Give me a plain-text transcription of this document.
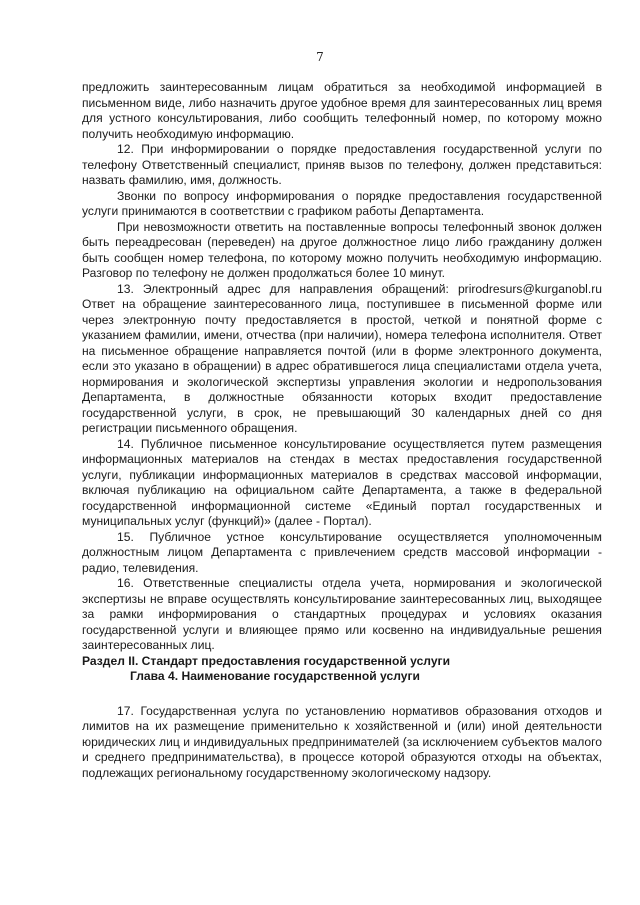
7

предложить заинтересованным лицам обратиться за необходимой информацией в письменном виде, либо назначить другое удобное время для заинтересованных лиц время для устного консультирования, либо сообщить телефонный номер, по которому можно получить необходимую информацию.

12. При информировании о порядке предоставления государственной услуги по телефону Ответственный специалист, приняв вызов по телефону, должен представиться: назвать фамилию, имя, должность.

Звонки по вопросу информирования о порядке предоставления государственной услуги принимаются в соответствии с графиком работы Департамента.

При невозможности ответить на поставленные вопросы телефонный звонок должен быть переадресован (переведен) на другое должностное лицо либо гражданину должен быть сообщен номер телефона, по которому можно получить необходимую информацию. Разговор по телефону не должен продолжаться более 10 минут.

13. Электронный адрес для направления обращений: prirodresurs@kurganobl.ru Ответ на обращение заинтересованного лица, поступившее в письменной форме или через электронную почту предоставляется в простой, четкой и понятной форме с указанием фамилии, имени, отчества (при наличии), номера телефона исполнителя. Ответ на письменное обращение направляется почтой (или в форме электронного документа, если это указано в обращении) в адрес обратившегося лица специалистами отдела учета, нормирования и экологической экспертизы управления экологии и недропользования Департамента, в должностные обязанности которых входит предоставление государственной услуги, в срок, не превышающий 30 календарных дней со дня регистрации письменного обращения.

14. Публичное письменное консультирование осуществляется путем размещения информационных материалов на стендах в местах предоставления государственной услуги, публикации информационных материалов в средствах массовой информации, включая публикацию на официальном сайте Департамента, а также в федеральной государственной информационной системе «Единый портал государственных и муниципальных услуг (функций)» (далее - Портал).

15. Публичное устное консультирование осуществляется уполномоченным должностным лицом Департамента с привлечением средств массовой информации - радио, телевидения.

16. Ответственные специалисты отдела учета, нормирования и экологической экспертизы не вправе осуществлять консультирование заинтересованных лиц, выходящее за рамки информирования о стандартных процедурах и условиях оказания государственной услуги и влияющее прямо или косвенно на индивидуальные решения заинтересованных лиц.

Раздел II. Стандарт предоставления государственной услуги

Глава 4. Наименование государственной услуги

17. Государственная услуга по установлению нормативов образования отходов и лимитов на их размещение применительно к хозяйственной и (или) иной деятельности юридических лиц и индивидуальных предпринимателей (за исключением субъектов малого и среднего предпринимательства), в процессе которой образуются отходы на объектах, подлежащих региональному государственному экологическому надзору.
